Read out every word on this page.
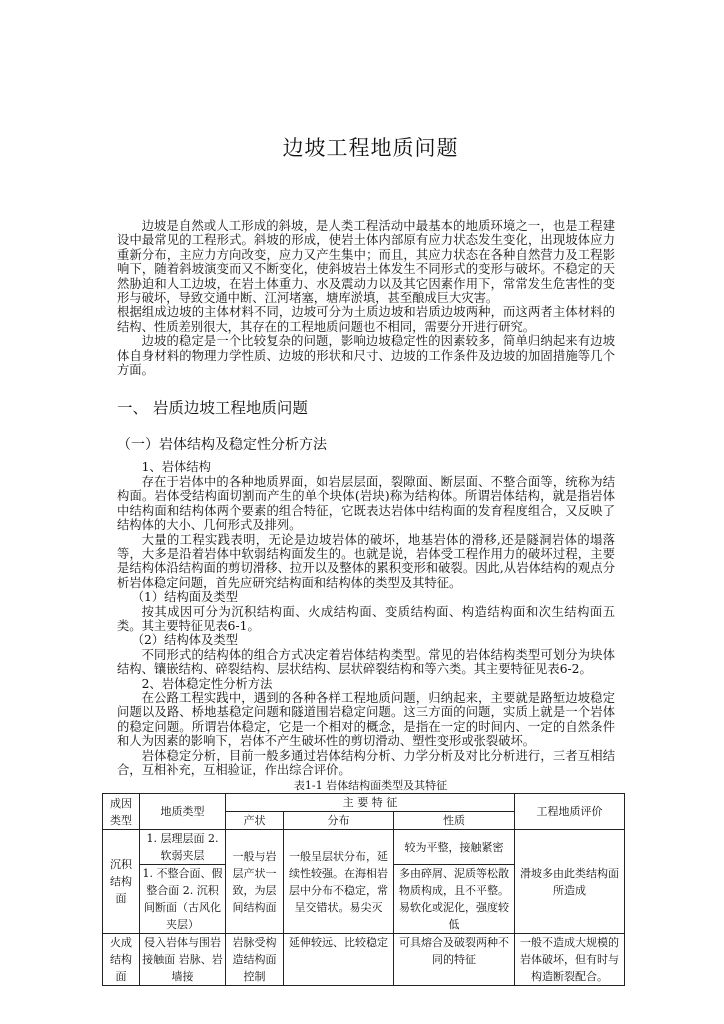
边坡工程地质问题

边坡是自然或人工形成的斜坡，是人类工程活动中最基本的地质环境之一，也是工程建设中最常见的工程形式。斜坡的形成，使岩土体内部原有应力状态发生变化，出现坡体应力重新分布，主应力方向改变，应力又产生集中；而且，其应力状态在各种自然营力及工程影响下，随着斜坡演变而又不断变化，使斜坡岩土体发生不同形式的变形与破坏。不稳定的天然胁迫和人工边坡，在岩土体重力、水及震动力以及其它因素作用下，常常发生危害性的变形与破坏，导致交通中断、江河堵塞，塘库淤填，甚至酿成巨大灾害。

根据组成边坡的主体材料不同，边坡可分为土质边坡和岩质边坡两种，而这两者主体材料的结构、性质差别很大，其存在的工程地质问题也不相同，需要分开进行研究。

边坡的稳定是一个比较复杂的问题，影响边坡稳定性的因素较多，简单归纳起来有边坡体自身材料的物理力学性质、边坡的形状和尺寸、边坡的工作条件及边坡的加固措施等几个方面。

一、 岩质边坡工程地质问题
（一）岩体结构及稳定性分析方法

1、岩体结构

存在于岩体中的各种地质界面，如岩层层面，裂隙面、断层面、不整合面等，统称为结构面。岩体受结构面切割而产生的单个块体(岩块)称为结构体。所谓岩体结构，就是指岩体中结构面和结构体两个要素的组合特征，它既表达岩体中结构面的发育程度组合，又反映了结构体的大小、几何形式及排列。

大量的工程实践表明，无论是边坡岩体的破坏，地基岩体的滑移,还是隧洞岩体的塌落等，大多是沿着岩体中软弱结构面发生的。也就是说，岩体受工程作用力的破坏过程，主要是结构体沿结构面的剪切滑移、拉开以及整体的累积变形和破裂。因此,从岩体结构的观点分析岩体稳定问题，首先应研究结构面和结构体的类型及其特征。

（1）结构面及类型

按其成因可分为沉积结构面、火成结构面、变质结构面、构造结构面和次生结构面五类。其主要特征见表6-1。

（2）结构体及类型

不同形式的结构体的组合方式决定着岩体结构类型。常见的岩体结构类型可划分为块体结构、镶嵌结构、碎裂结构、层状结构、层状碎裂结构和等六类。其主要特征见表6-2。

2、岩体稳定性分析方法

在公路工程实践中，遇到的各种各样工程地质问题，归纳起来，主要就是路堑边坡稳定问题以及路、桥地基稳定问题和隧道围岩稳定问题。这三方面的问题，实质上就是一个岩体的稳定问题。所谓岩体稳定，它是一个相对的概念，是指在一定的时间内、一定的自然条件和人为因素的影响下，岩体不产生破坏性的剪切滑动、塑性变形或张裂破坏。

岩体稳定分析，目前一般多通过岩体结构分析、力学分析及对比分析进行，三者互相结合，互相补充，互相验证，作出综合评价。

表1-1 岩体结构面类型及其特征
成因类型	地质类型	主 要 特 征			工程地质评价
		产状	分布	性质	
沉积结构面	1. 层理层面 2. 软弱夹层	一般与岩层产状一致，为层间结构面	一般呈层状分布，延续性较强。在海相岩层中分布不稳定，常呈交错状。易尖灭	较为平整，接触紧密	滑坡多由此类结构面所造成
	1. 不整合面、假整合面 2. 沉积间断面（古风化夹层）			多由碎屑、泥质等松散物质构成，且不平整。易软化或泥化，强度较低	
火成结构面	侵入岩体与围岩接触面 岩脉、岩墙接	岩脉受构造结构面控制	延伸较远、比较稳定	可具熔合及破裂两种不同的特征	一般不造成大规模的岩体破坏，但有时与构造断裂配合。
